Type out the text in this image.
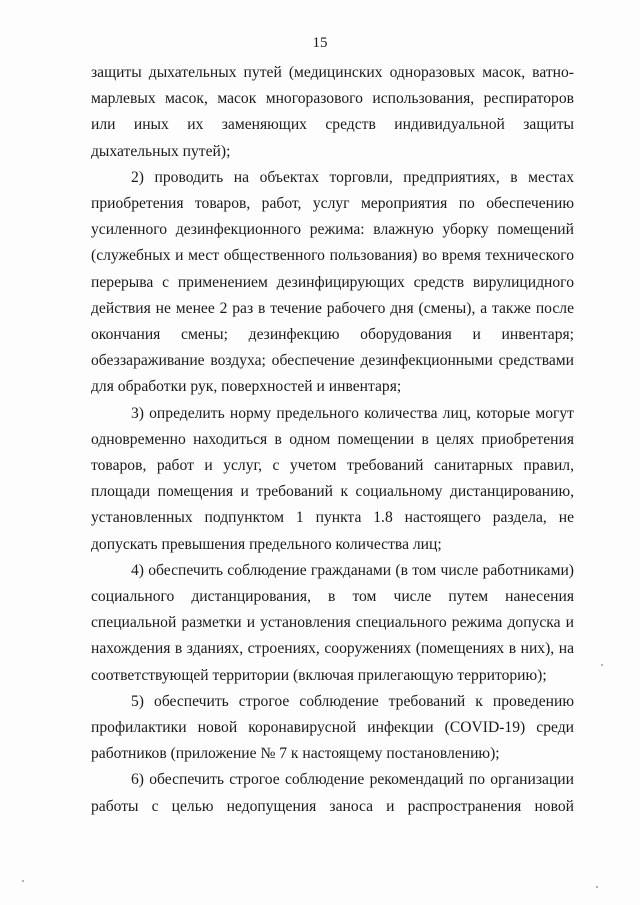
15

защиты дыхательных путей (медицинских одноразовых масок, ватно-марлевых масок, масок многоразового использования, респираторов или иных их заменяющих средств индивидуальной защиты дыхательных путей);

2) проводить на объектах торговли, предприятиях, в местах приобретения товаров, работ, услуг мероприятия по обеспечению усиленного дезинфекционного режима: влажную уборку помещений (служебных и мест общественного пользования) во время технического перерыва с применением дезинфицирующих средств вирулицидного действия не менее 2 раз в течение рабочего дня (смены), а также после окончания смены; дезинфекцию оборудования и инвентаря; обеззараживание воздуха; обеспечение дезинфекционными средствами для обработки рук, поверхностей и инвентаря;

3) определить норму предельного количества лиц, которые могут одновременно находиться в одном помещении в целях приобретения товаров, работ и услуг, с учетом требований санитарных правил, площади помещения и требований к социальному дистанцированию, установленных подпунктом 1 пункта 1.8 настоящего раздела, не допускать превышения предельного количества лиц;

4) обеспечить соблюдение гражданами (в том числе работниками) социального дистанцирования, в том числе путем нанесения специальной разметки и установления специального режима допуска и нахождения в зданиях, строениях, сооружениях (помещениях в них), на соответствующей территории (включая прилегающую территорию);

5) обеспечить строгое соблюдение требований к проведению профилактики новой коронавирусной инфекции (COVID-19) среди работников (приложение № 7 к настоящему постановлению);

6) обеспечить строгое соблюдение рекомендаций по организации работы с целью недопущения заноса и распространения новой
